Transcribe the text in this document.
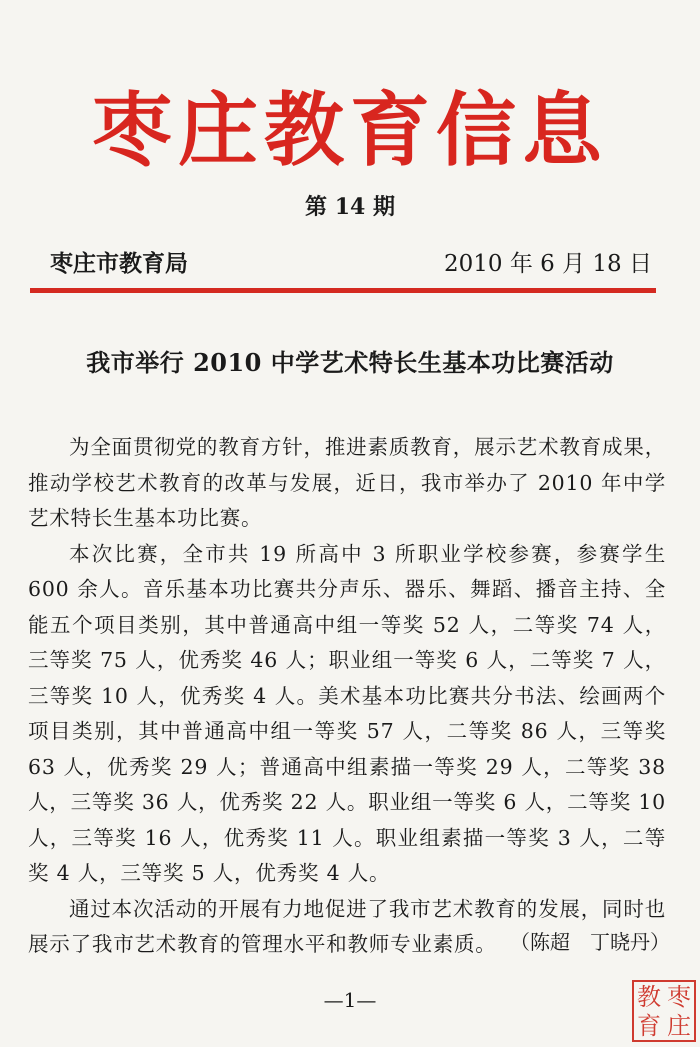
枣庄教育信息
第 14 期
枣庄市教育局	2010 年 6 月 18 日
我市举行 2010 中学艺术特长生基本功比赛活动

为全面贯彻党的教育方针，推进素质教育，展示艺术教育成果，推动学校艺术教育的改革与发展，近日，我市举办了 2010 年中学艺术特长生基本功比赛。

本次比赛，全市共 19 所高中 3 所职业学校参赛，参赛学生 600 余人。音乐基本功比赛共分声乐、器乐、舞蹈、播音主持、全能五个项目类别，其中普通高中组一等奖 52 人，二等奖 74 人，三等奖 75 人，优秀奖 46 人；职业组一等奖 6 人，二等奖 7 人，三等奖 10 人，优秀奖 4 人。美术基本功比赛共分书法、绘画两个项目类别，其中普通高中组一等奖 57 人，二等奖 86 人，三等奖 63 人，优秀奖 29 人；普通高中组素描一等奖 29 人，二等奖 38 人，三等奖 36 人，优秀奖 22 人。职业组一等奖 6 人，二等奖 10 人，三等奖 16 人，优秀奖 11 人。职业组素描一等奖 3 人，二等奖 4 人，三等奖 5 人，优秀奖 4 人。

通过本次活动的开展有力地促进了我市艺术教育的发展，同时也展示了我市艺术教育的管理水平和教师专业素质。 （陈超　丁晓丹）
—1—	教 枣
育 庄
